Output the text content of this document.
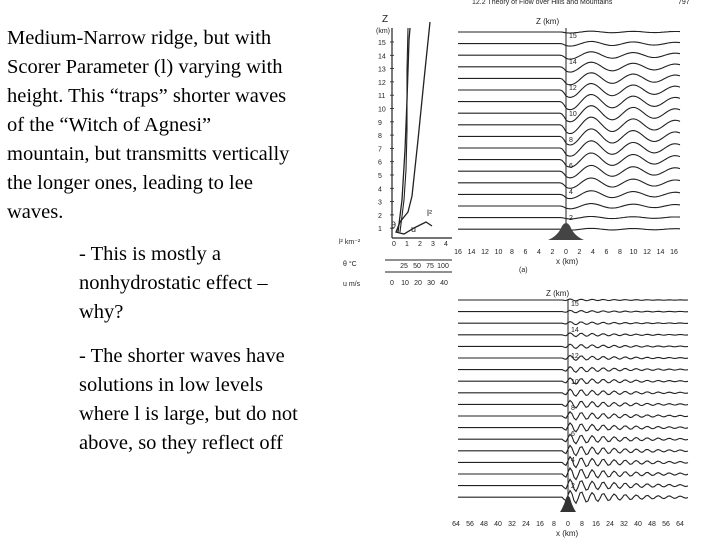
Medium-Narrow ridge, but with
Scorer Parameter (l) varying with
height. This “traps” shorter waves
of the “Witch of Agnesi”
mountain, but transmitts vertically
the longer ones, leading to lee
waves.

- This is mostly a
nonhydrostatic effect –
why?

- The shorter waves have
solutions in low levels
where l is large, but do not
above, so they reflect off

12.2 Theory of Flow over Hills and Mountains	797
Z
(km)
15
14
13
12
11
10
9
8
7
6
5
4
3
2
1 θ u
l²
l² km⁻²	0 1 2 3 4
θ °C	25 50 75 100
u m/s	0 10 20 30 40
Z (km)
15
14
12
10
8
6
4
2
16 14 12 10 8 6 4 2 0 2 4 6 8 10 12 14 16
x (km)
(a)
Z (km)
15
14
12
10
8
6
4
2
64 56 48 40 32 24 16 8 0 8 16 24 32 40 48 56 64
x (km)
